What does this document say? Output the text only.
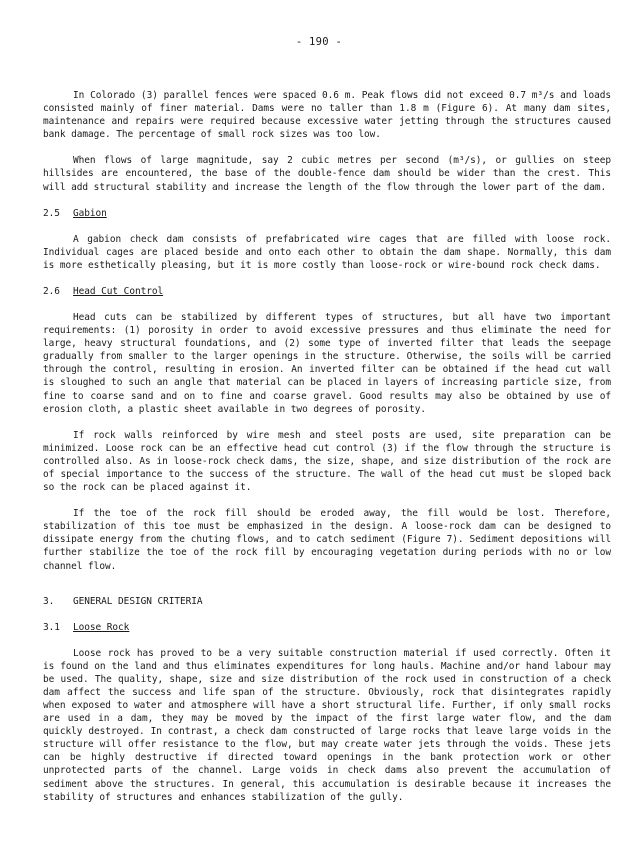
- 190 -

In Colorado (3) parallel fences were spaced 0.6 m. Peak flows did not exceed 0.7 m³/s and loads consisted mainly of finer material. Dams were no taller than 1.8 m (Figure 6). At many dam sites, maintenance and repairs were required because excessive water jetting through the structures caused bank damage. The percentage of small rock sizes was too low.

When flows of large magnitude, say 2 cubic metres per second (m³/s), or gullies on steep hillsides are encountered, the base of the double-fence dam should be wider than the crest. This will add structural stability and increase the length of the flow through the lower part of the dam.

2.5	Gabion

A gabion check dam consists of prefabricated wire cages that are filled with loose rock. Individual cages are placed beside and onto each other to obtain the dam shape. Normally, this dam is more esthetically pleasing, but it is more costly than loose-rock or wire-bound rock check dams.

2.6	Head Cut Control

Head cuts can be stabilized by different types of structures, but all have two important requirements: (1) porosity in order to avoid excessive pressures and thus eliminate the need for large, heavy structural foundations, and (2) some type of inverted filter that leads the seepage gradually from smaller to the larger openings in the structure. Otherwise, the soils will be carried through the control, resulting in erosion. An inverted filter can be obtained if the head cut wall is sloughed to such an angle that material can be placed in layers of increasing particle size, from fine to coarse sand and on to fine and coarse gravel. Good results may also be obtained by use of erosion cloth, a plastic sheet available in two degrees of porosity.

If rock walls reinforced by wire mesh and steel posts are used, site preparation can be minimized. Loose rock can be an effective head cut control (3) if the flow through the structure is controlled also. As in loose-rock check dams, the size, shape, and size distribution of the rock are of special importance to the success of the structure. The wall of the head cut must be sloped back so the rock can be placed against it.

If the toe of the rock fill should be eroded away, the fill would be lost. Therefore, stabilization of this toe must be emphasized in the design. A loose-rock dam can be designed to dissipate energy from the chuting flows, and to catch sediment (Figure 7). Sediment depositions will further stabilize the toe of the rock fill by encouraging vegetation during periods with no or low channel flow.

3.	GENERAL DESIGN CRITERIA
3.1	Loose Rock

Loose rock has proved to be a very suitable construction material if used correctly. Often it is found on the land and thus eliminates expenditures for long hauls. Machine and/or hand labour may be used. The quality, shape, size and size distribution of the rock used in construction of a check dam affect the success and life span of the structure. Obviously, rock that disintegrates rapidly when exposed to water and atmosphere will have a short structural life. Further, if only small rocks are used in a dam, they may be moved by the impact of the first large water flow, and the dam quickly destroyed. In contrast, a check dam constructed of large rocks that leave large voids in the structure will offer resistance to the flow, but may create water jets through the voids. These jets can be highly destructive if directed toward openings in the bank protection work or other unprotected parts of the channel. Large voids in check dams also prevent the accumulation of sediment above the structures. In general, this accumulation is desirable because it increases the stability of structures and enhances stabilization of the gully.
